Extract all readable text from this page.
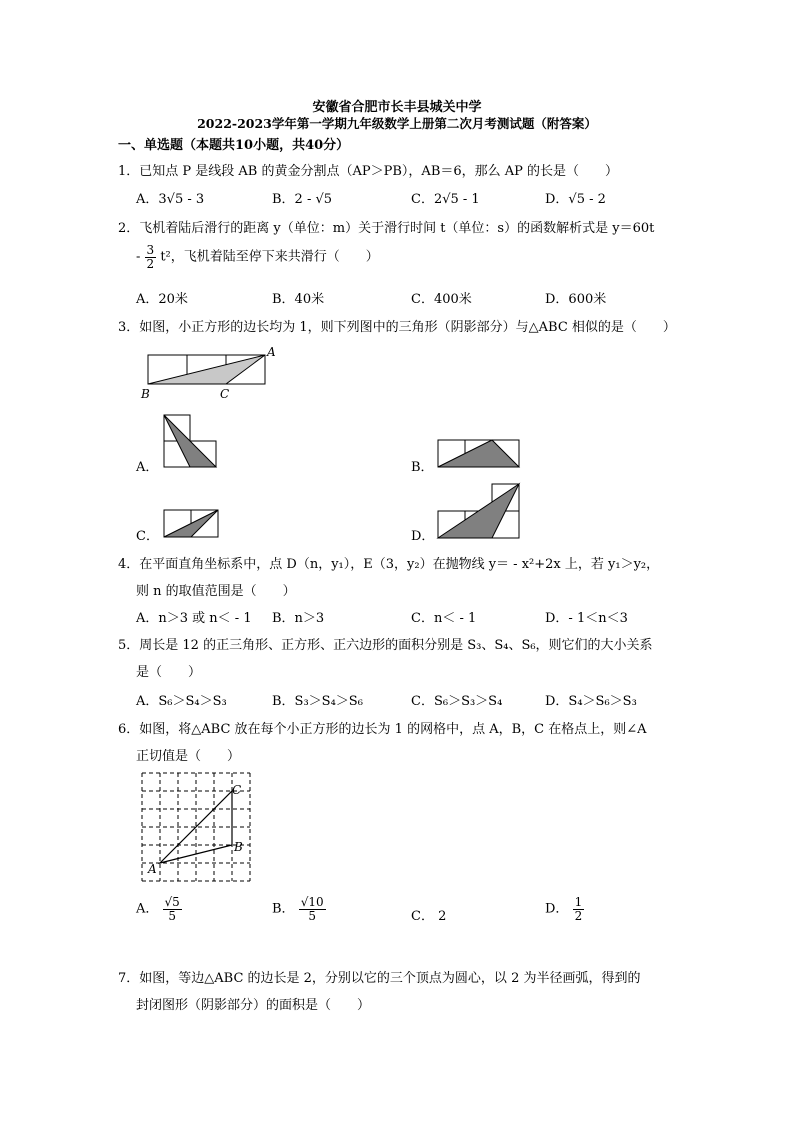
安徽省合肥市长丰县城关中学
2022-2023学年第一学期九年级数学上册第二次月考测试题（附答案）
一、单选题（本题共10小题，共40分）
1．已知点 P 是线段 AB 的黄金分割点（AP＞PB），AB＝6，那么 AP 的长是（　　）
A．3√5 - 3	B．2 - √5	C．2√5 - 1	D．√5 - 2
2．飞机着陆后滑行的距离 y（单位：m）关于滑行时间 t（单位：s）的函数解析式是 y＝60t
- $\frac{3}{2} t^2$，飞机着陆至停下来共滑行（　　）
A．20米	B．40米	C．400米	D．600米
3．如图，小正方形的边长均为 1，则下列图中的三角形（阴影部分）与△ABC 相似的是（　　）
A
B	C
A．	B．
C．	D．
4．在平面直角坐标系中，点 D（n，y₁），E（3，y₂）在抛物线 y＝ - x²+2x 上，若 y₁＞y₂，
则 n 的取值范围是（　　）
A．n＞3 或 n＜ - 1 B．n＞3	C．n＜ - 1	D．- 1＜n＜3
5．周长是 12 的正三角形、正方形、正六边形的面积分别是 S₃、S₄、S₆，则它们的大小关系
是（　　）
A．S₆＞S₄＞S₃	B．S₃＞S₄＞S₆	C．S₆＞S₃＞S₄	D．S₄＞S₆＞S₃
6．如图，将△ABC 放在每个小正方形的边长为 1 的网格中，点 A，B，C 在格点上，则∠A
正切值是（　　）
A
B
C
A． $\frac{√5}{5}$	B． $\frac{√10}{5}$	C． 2	D． $\frac{1}{2}$
7．如图，等边△ABC 的边长是 2，分别以它的三个顶点为圆心，以 2 为半径画弧，得到的
封闭图形（阴影部分）的面积是（　　）
